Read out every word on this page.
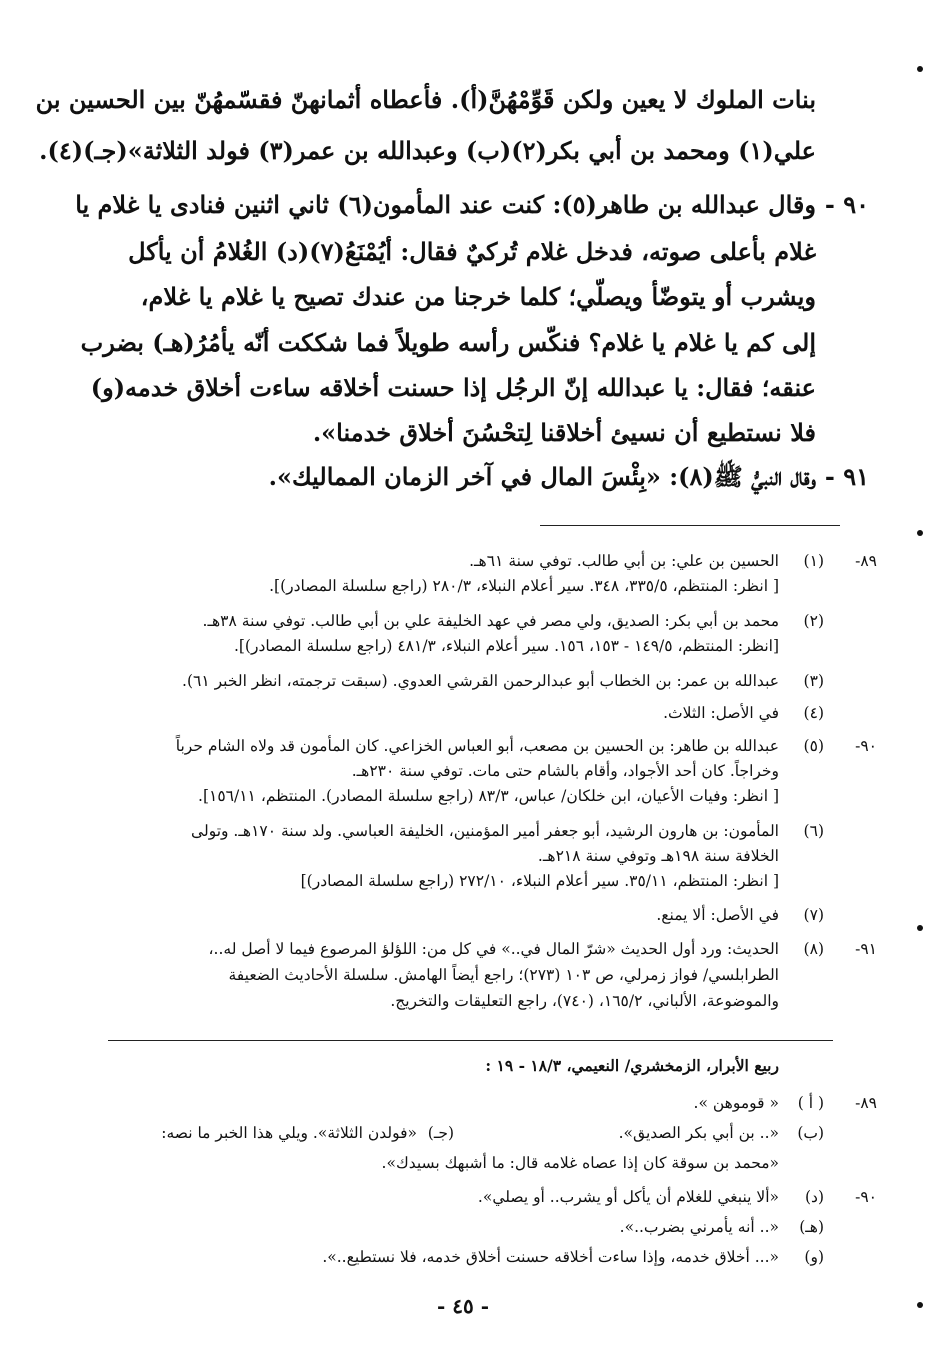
بنات الملوك لا يعين ولكن قَوِّمْهُنَّ(أ). فأعطاه أثمانهنّ فقسّمهُنّ بين الحسين بن
علي(١) ومحمد بن أبي بكر(٢)(ب) وعبدالله بن عمر(٣) فولد الثلاثة»(جـ)(٤).
٩٠ -
وقال عبدالله بن طاهر(٥): كنت عند المأمون(٦) ثاني اثنين فنادى يا غلام يا
غلام بأعلى صوته، فدخل غلام تُركيٌ فقال: أيُمْنَعُ(٧)(د) الغُلامُ أن يأكل
ويشرب أو يتوضّأ ويصلّي؛ كلما خرجنا من عندك تصيح يا غلام يا غلام،
إلى كم يا غلام يا غلام؟ فنكّس رأسه طويلاً فما شككت أنّه يأمُرُ(هـ) بضرب
عنقه؛ فقال: يا عبدالله إنّ الرجُل إذا حسنت أخلاقه ساءت أخلاق خدمه(و)
فلا نستطيع أن نسيئ أخلاقنا لِتحْسُنَ أخلاق خدمنا».
٩١ -
وقال النبيُّ ﷺ(٨): «بِئْسَ المال في آخر الزمان المماليك».
٨٩-
(١)
الحسين بن علي: بن أبي طالب. توفي سنة ٦١هـ.
[ انظر: المنتظم، ٣٣٥/٥، ٣٤٨. سير أعلام النبلاء، ٢٨٠/٣ (راجع سلسلة المصادر)].
(٢)
محمد بن أبي بكر: الصديق، ولي مصر في عهد الخليفة علي بن أبي طالب. توفي سنة ٣٨هـ.
[انظر: المنتظم، ١٤٩/٥ - ١٥٣، ١٥٦. سير أعلام النبلاء، ٤٨١/٣ (راجع سلسلة المصادر)].
(٣)
عبدالله بن عمر: بن الخطاب أبو عبدالرحمن القرشي العدوي. (سبقت ترجمته، انظر الخبر ٦١).
(٤)
في الأصل: الثلاث.
٩٠-
(٥)
عبدالله بن طاهر: بن الحسين بن مصعب، أبو العباس الخزاعي. كان المأمون قد ولاه الشام حرباً
وخراجاً. كان أحد الأجواد، وأقام بالشام حتى مات. توفي سنة ٢٣٠هـ.
[ انظر: وفيات الأعيان، ابن خلكان/ عباس، ٨٣/٣ (راجع سلسلة المصادر). المنتظم، ١٥٦/١١].
(٦)
المأمون: بن هارون الرشيد، أبو جعفر أمير المؤمنين، الخليفة العباسي. ولد سنة ١٧٠هـ. وتولى
الخلافة سنة ١٩٨هـ وتوفي سنة ٢١٨هـ.
[ انظر: المنتظم، ٣٥/١١. سير أعلام النبلاء، ٢٧٢/١٠ (راجع سلسلة المصادر)]
(٧)
في الأصل: ألا يمنع.
٩١-
(٨)
الحديث: ورد أول الحديث «شرّ المال في..» في كل من: اللؤلؤ المرصوع فيما لا أصل له..،
الطرابلسي/ فواز زمرلي، ص ١٠٣ (٢٧٣)؛ راجع أيضاً الهامش. سلسلة الأحاديث الضعيفة
والموضوعة، الألباني، ١٦٥/٢، (٧٤٠)، راجع التعليقات والتخريج.
ربيع الأبرار، الزمخشري/ النعيمي، ١٨/٣ - ١٩ :
٨٩-
( أ )
« قوموهن ».
(ب)
«.. بن أبي بكر الصديق».
(جـ)
«فولدن الثلاثة». ويلي هذا الخبر ما نصه:
«محمد بن سوقة كان إذا عصاه غلامه قال: ما أشبهك بسيدك».
٩٠-
(د)
«ألا ينبغي للغلام أن يأكل أو يشرب.. أو يصلي».
(هـ)
«.. أنه يأمرني بضرب..».
(و)
«... أخلاق خدمه، وإذا ساءت أخلاقه حسنت أخلاق خدمه، فلا نستطيع..».
- ٤٥ -
